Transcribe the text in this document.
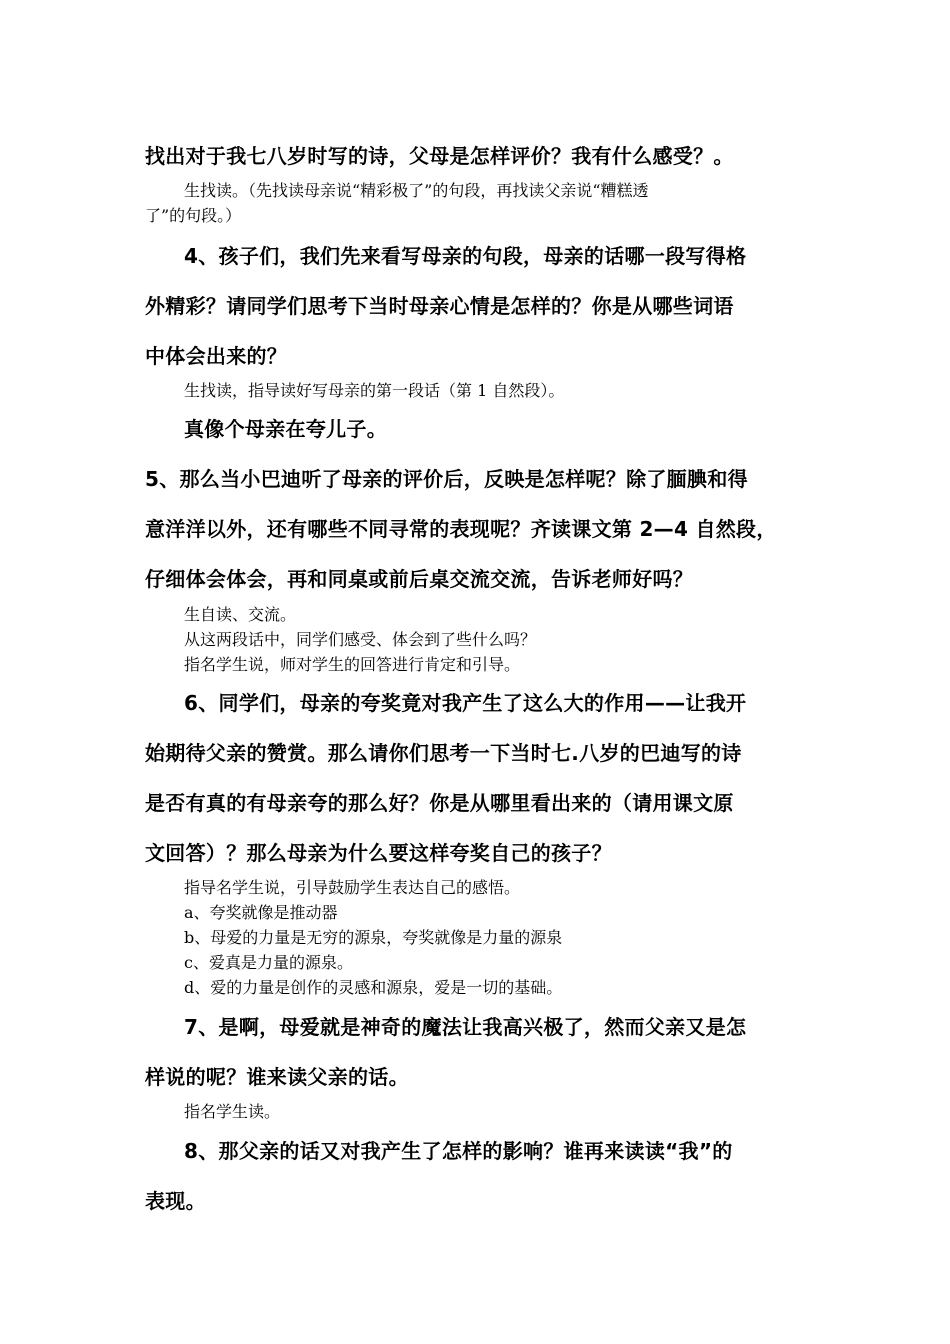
找出对于我七八岁时写的诗，父母是怎样评价？我有什么感受？。

生找读。（先找读母亲说“精彩极了”的句段，再找读父亲说“糟糕透

了”的句段。）

4、孩子们，我们先来看写母亲的句段，母亲的话哪一段写得格

外精彩？请同学们思考下当时母亲心情是怎样的？你是从哪些词语

中体会出来的？

生找读，指导读好写母亲的第一段话（第 1 自然段）。

真像个母亲在夸儿子。

5、那么当小巴迪听了母亲的评价后，反映是怎样呢？除了腼腆和得

意洋洋以外，还有哪些不同寻常的表现呢？齐读课文第 2—4 自然段，

仔细体会体会，再和同桌或前后桌交流交流，告诉老师好吗？

生自读、交流。

从这两段话中，同学们感受、体会到了些什么吗？

指名学生说，师对学生的回答进行肯定和引导。

6、同学们，母亲的夸奖竟对我产生了这么大的作用——让我开

始期待父亲的赞赏。那么请你们思考一下当时七.八岁的巴迪写的诗

是否有真的有母亲夸的那么好？你是从哪里看出来的（请用课文原

文回答）？那么母亲为什么要这样夸奖自己的孩子？

指导名学生说，引导鼓励学生表达自己的感悟。

a、夸奖就像是推动器

b、母爱的力量是无穷的源泉，夸奖就像是力量的源泉

c、爱真是力量的源泉。

d、爱的力量是创作的灵感和源泉，爱是一切的基础。

7、是啊，母爱就是神奇的魔法让我高兴极了，然而父亲又是怎

样说的呢？谁来读父亲的话。

指名学生读。

8、那父亲的话又对我产生了怎样的影响？谁再来读读“我”的

表现。
